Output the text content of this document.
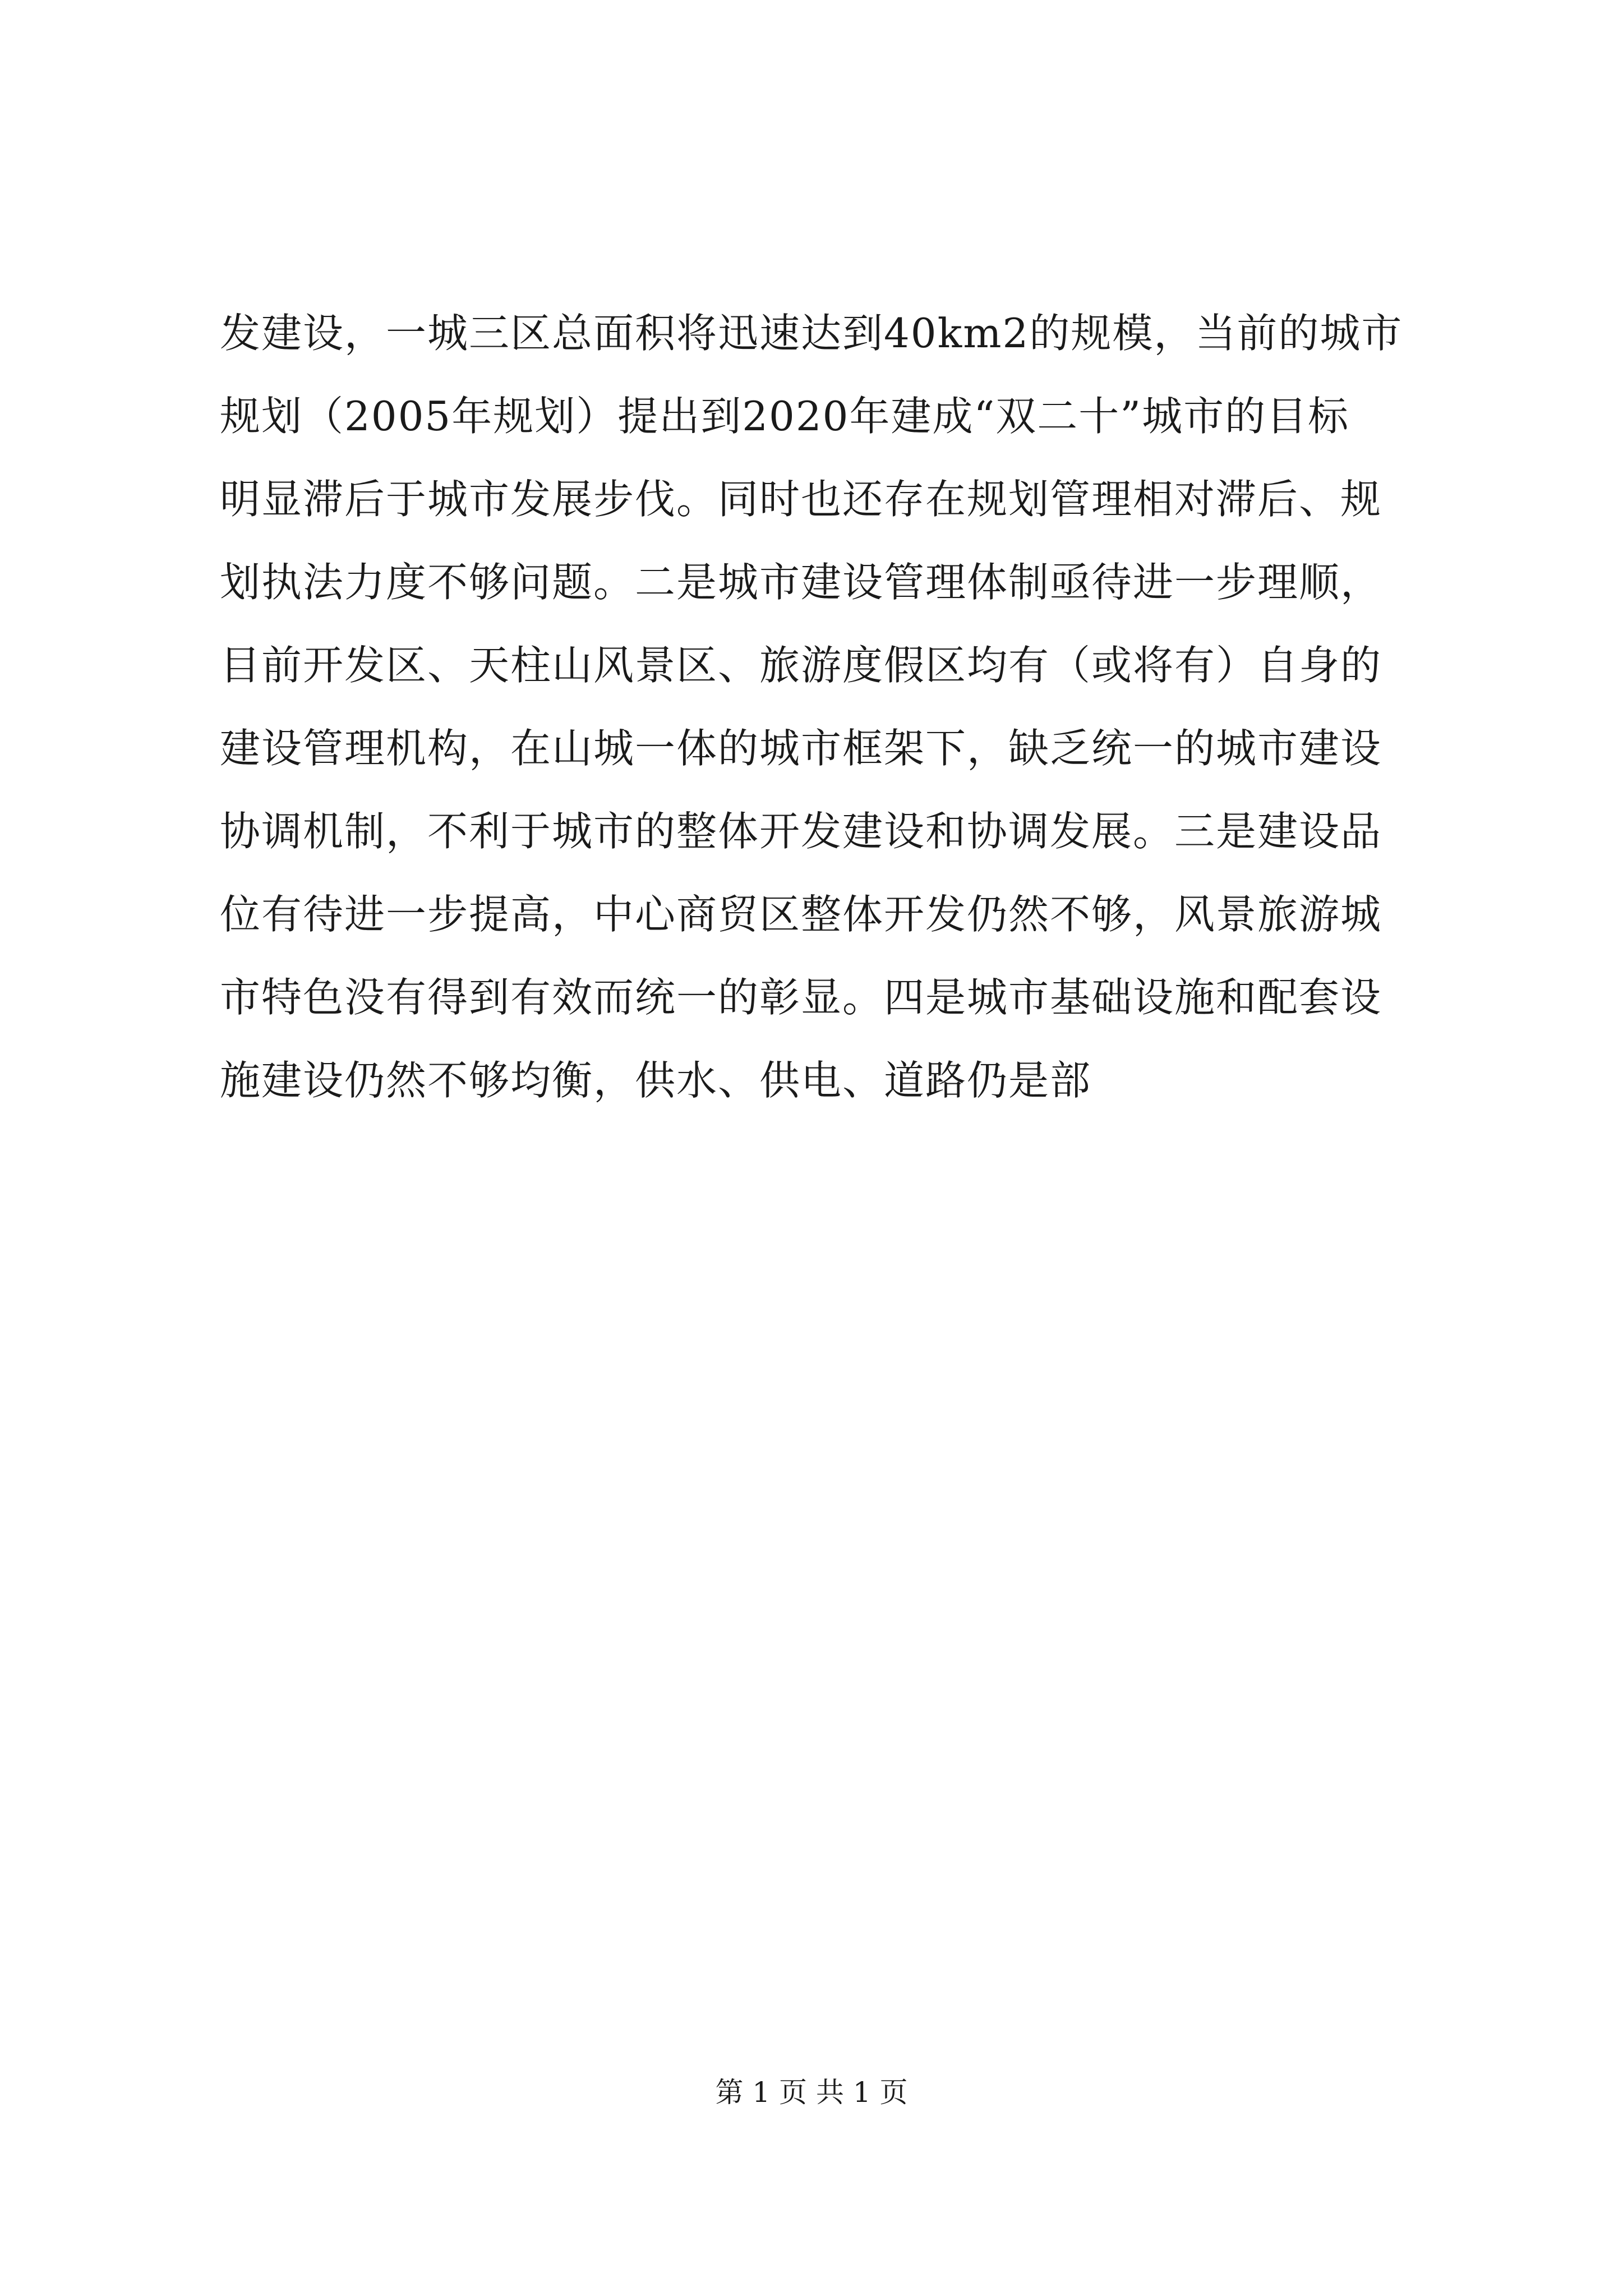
发建设，一城三区总面积将迅速达到40km2的规模，当前的城市
规划（2005年规划）提出到2020年建成“双二十”城市的目标
明显滞后于城市发展步伐。同时也还存在规划管理相对滞后、规
划执法力度不够问题。二是城市建设管理体制亟待进一步理顺，
目前开发区、天柱山风景区、旅游度假区均有（或将有）自身的
建设管理机构，在山城一体的城市框架下，缺乏统一的城市建设
协调机制，不利于城市的整体开发建设和协调发展。三是建设品
位有待进一步提高，中心商贸区整体开发仍然不够，风景旅游城
市特色没有得到有效而统一的彰显。四是城市基础设施和配套设
施建设仍然不够均衡，供水、供电、道路仍是部
第 1 页 共 1 页
